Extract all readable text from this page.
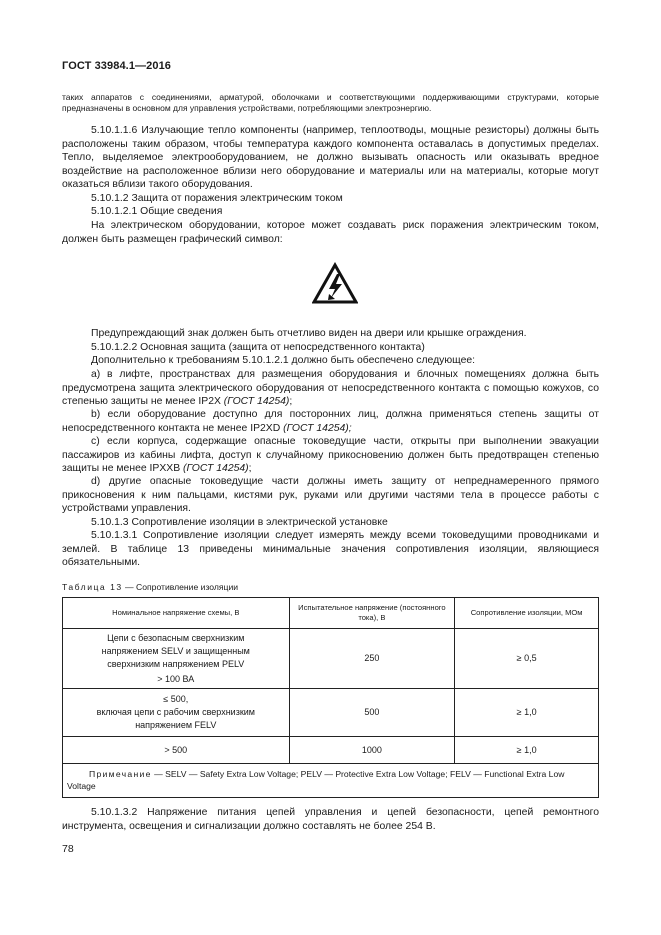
ГОСТ 33984.1—2016
таких аппаратов с соединениями, арматурой, оболочками и соответствующими поддерживающими структурами, которые предназначены в основном для управления устройствами, потребляющими электроэнергию.
5.10.1.1.6 Излучающие тепло компоненты (например, теплоотводы, мощные резисторы) должны быть расположены таким образом, чтобы температура каждого компонента оставалась в допустимых пределах. Тепло, выделяемое электрооборудованием, не должно вызывать опасность или оказывать вредное воздействие на расположенное вблизи него оборудование и материалы или на материалы, которые могут оказаться вблизи такого оборудования.
5.10.1.2 Защита от поражения электрическим током
5.10.1.2.1 Общие сведения
На электрическом оборудовании, которое может создавать риск поражения электрическим током, должен быть размещен графический символ:
Предупреждающий знак должен быть отчетливо виден на двери или крышке ограждения.
5.10.1.2.2 Основная защита (защита от непосредственного контакта)
Дополнительно к требованиям 5.10.1.2.1 должно быть обеспечено следующее:
а) в лифте, пространствах для размещения оборудования и блочных помещениях должна быть предусмотрена защита электрического оборудования от непосредственного контакта с помощью кожухов, со степенью защиты не менее IP2X (ГОСТ 14254);
b) если оборудование доступно для посторонних лиц, должна применяться степень защиты от непосредственного контакта не менее IP2XD (ГОСТ 14254);
c) если корпуса, содержащие опасные токоведущие части, открыты при выполнении эвакуации пассажиров из кабины лифта, доступ к случайному прикосновению должен быть предотвращен степенью защиты не менее IPXXB (ГОСТ 14254);
d) другие опасные токоведущие части должны иметь защиту от непреднамеренного прямого прикосновения к ним пальцами, кистями рук, руками или другими частями тела в процессе работы с устройствами управления.
5.10.1.3 Сопротивление изоляции в электрической установке
5.10.1.3.1 Сопротивление изоляции следует измерять между всеми токоведущими проводниками и землей. В таблице 13 приведены минимальные значения сопротивления изоляции, являющиеся обязательными.
Таблица 13 — Сопротивление изоляции
Номинальное напряжение схемы, В	Испытательное напряжение (постоянного тока), В	Сопротивление изоляции, МОм

Цепи с безопасным сверхнизким напряжением SELV и защищенным сверхнизким напряжением PELV
> 100 ВА	250	≥ 0,5

≤ 500,
включая цепи с рабочим сверхнизким напряжением FELV	500	≥ 1,0
> 500	1000	≥ 1,0
Примечание — SELV — Safety Extra Low Voltage; PELV — Protective Extra Low Voltage; FELV — Functional Extra Low Voltage		
5.10.1.3.2 Напряжение питания цепей управления и цепей безопасности, цепей ремонтного инструмента, освещения и сигнализации должно составлять не более 254 В.
78
